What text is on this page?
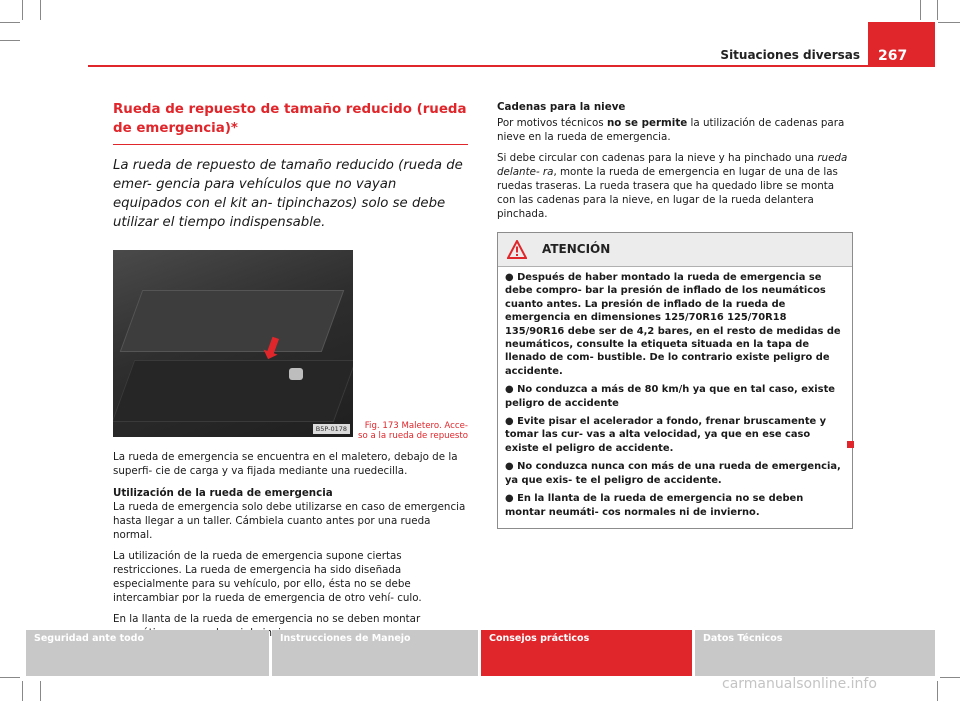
Situaciones diversas	267

Rueda de repuesto de tamaño reducido (rueda de emergencia)*

La rueda de repuesto de tamaño reducido (rueda de emer- gencia para vehículos que no vayan equipados con el kit an- tipinchazos) solo se debe utilizar el tiempo indispensable.

⬇
B5P-0178	Fig. 173 Maletero. Acce- so a la rueda de repuesto

La rueda de emergencia se encuentra en el maletero, debajo de la superfi- cie de carga y va fijada mediante una ruedecilla.

Utilización de la rueda de emergencia

La rueda de emergencia solo debe utilizarse en caso de emergencia hasta llegar a un taller. Cámbiela cuanto antes por una rueda normal.

La utilización de la rueda de emergencia supone ciertas restricciones. La rueda de emergencia ha sido diseñada especialmente para su vehículo, por ello, ésta no se debe intercambiar por la rueda de emergencia de otro vehí- culo.

En la llanta de la rueda de emergencia no se deben montar

Cadenas para la nieve

Por motivos técnicos no se permite la utilización de cadenas para nieve en la rueda de emergencia.

Si debe circular con cadenas para la nieve y ha pinchado una rueda delante- ra, monte la rueda de emergencia en lugar de una de las ruedas traseras. La rueda trasera que ha quedado libre se monta con las cadenas para la nieve, en lugar de la rueda delantera pinchada.

ATENCIÓN

● Después de haber montado la rueda de emergencia se debe compro- bar la presión de inflado de los neumáticos cuanto antes. La presión de inflado de la rueda de emergencia en dimensiones 125/70R16 125/70R18 135/90R16 debe ser de 4,2 bares, en el resto de medidas de neumáticos, consulte la etiqueta situada en la tapa de llenado de com- bustible. De lo contrario existe peligro de accidente.

● No conduzca a más de 80 km/h ya que en tal caso, existe peligro de accidente

● Evite pisar el acelerador a fondo, frenar bruscamente y tomar las cur- vas a alta velocidad, ya que en ese caso existe el peligro de accidente.

● No conduzca nunca con más de una rueda de emergencia, ya que exis- te el peligro de accidente.

● En la llanta de la rueda de emergencia no se deben montar neumáti- cos normales ni de invierno.

Seguridad ante todo	Instrucciones de Manejo	Consejos prácticos	Datos Técnicos
carmanualsonline.info
